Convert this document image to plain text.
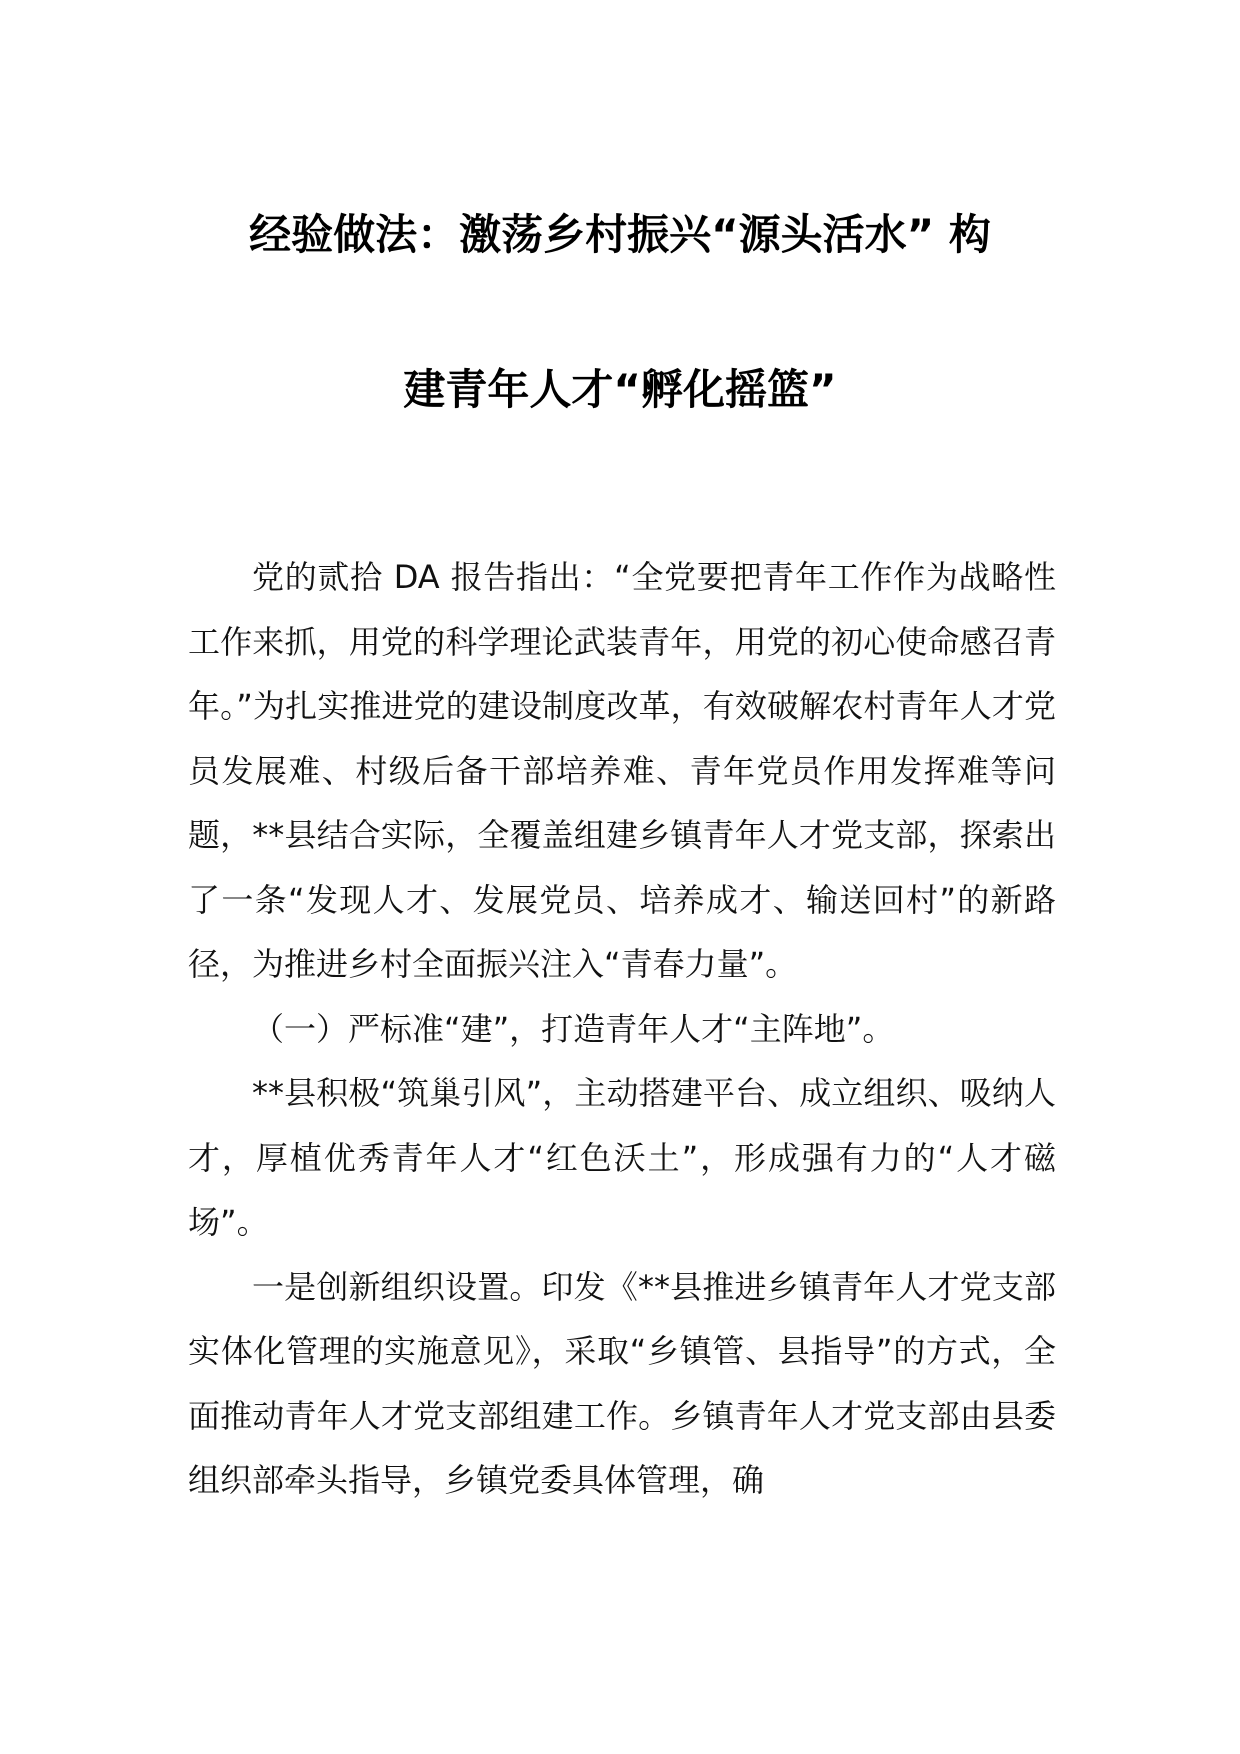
经验做法：激荡乡村振兴“源头活水” 构
建青年人才“孵化摇篮”

党的贰拾 DA 报告指出：“全党要把青年工作作为战略性工作来抓，用党的科学理论武装青年，用党的初心使命感召青年。”为扎实推进党的建设制度改革，有效破解农村青年人才党员发展难、村级后备干部培养难、青年党员作用发挥难等问题，**县结合实际，全覆盖组建乡镇青年人才党支部，探索出了一条“发现人才、发展党员、培养成才、输送回村”的新路径，为推进乡村全面振兴注入“青春力量”。

（一）严标准“建”，打造青年人才“主阵地”。

**县积极“筑巢引风”，主动搭建平台、成立组织、吸纳人才，厚植优秀青年人才“红色沃土”，形成强有力的“人才磁场”。

一是创新组织设置。印发《**县推进乡镇青年人才党支部实体化管理的实施意见》，采取“乡镇管、县指导”的方式，全面推动青年人才党支部组建工作。乡镇青年人才党支部由县委组织部牵头指导，乡镇党委具体管理，确
